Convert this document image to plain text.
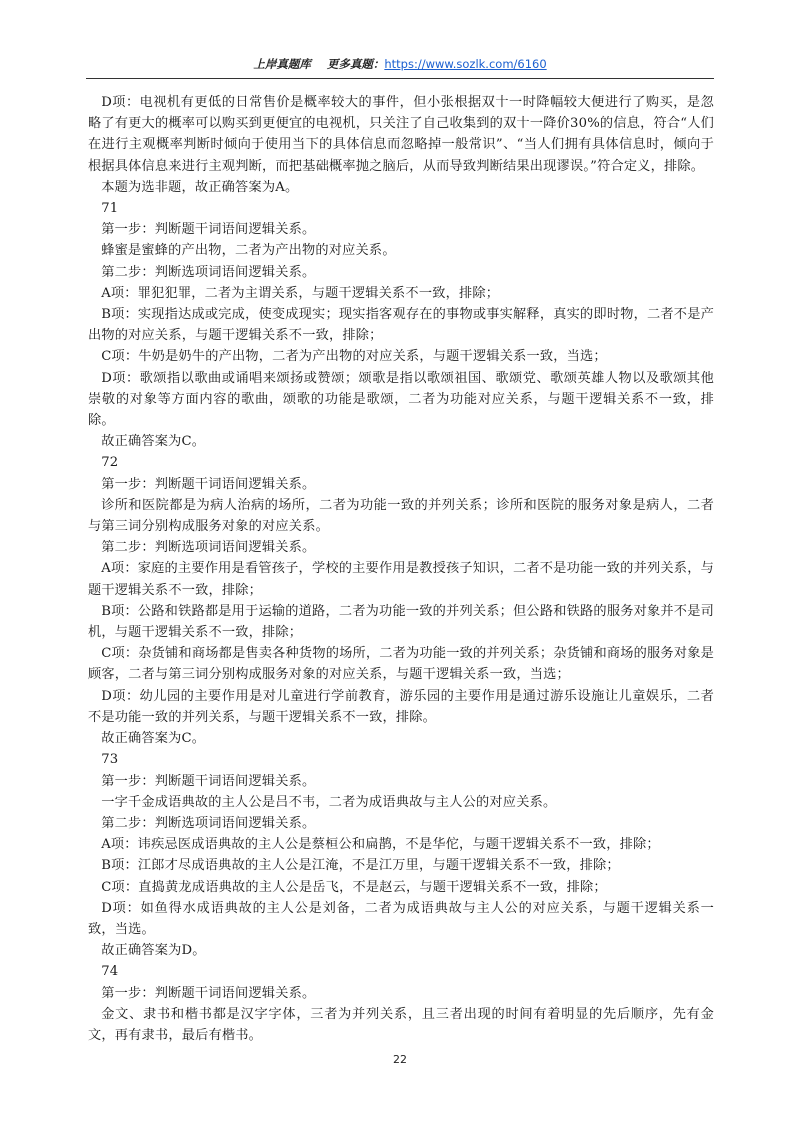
上岸真题库 更多真题：https://www.sozlk.com/6160

D项：电视机有更低的日常售价是概率较大的事件，但小张根据双十一时降幅较大便进行了购买，是忽略了有更大的概率可以购买到更便宜的电视机，只关注了自己收集到的双十一降价30%的信息，符合“人们在进行主观概率判断时倾向于使用当下的具体信息而忽略掉一般常识”、“当人们拥有具体信息时，倾向于根据具体信息来进行主观判断，而把基础概率抛之脑后，从而导致判断结果出现谬误。”符合定义，排除。

本题为选非题，故正确答案为A。

71

第一步：判断题干词语间逻辑关系。

蜂蜜是蜜蜂的产出物，二者为产出物的对应关系。

第二步：判断选项词语间逻辑关系。

A项：罪犯犯罪，二者为主谓关系，与题干逻辑关系不一致，排除；

B项：实现指达成或完成，使变成现实；现实指客观存在的事物或事实解释，真实的即时物，二者不是产出物的对应关系，与题干逻辑关系不一致，排除；

C项：牛奶是奶牛的产出物，二者为产出物的对应关系，与题干逻辑关系一致，当选；

D项：歌颂指以歌曲或诵唱来颂扬或赞颂；颂歌是指以歌颂祖国、歌颂党、歌颂英雄人物以及歌颂其他崇敬的对象等方面内容的歌曲，颂歌的功能是歌颂，二者为功能对应关系，与题干逻辑关系不一致，排除。

故正确答案为C。

72

第一步：判断题干词语间逻辑关系。

诊所和医院都是为病人治病的场所，二者为功能一致的并列关系；诊所和医院的服务对象是病人，二者与第三词分别构成服务对象的对应关系。

第二步：判断选项词语间逻辑关系。

A项：家庭的主要作用是看管孩子，学校的主要作用是教授孩子知识，二者不是功能一致的并列关系，与题干逻辑关系不一致，排除；

B项：公路和铁路都是用于运输的道路，二者为功能一致的并列关系；但公路和铁路的服务对象并不是司机，与题干逻辑关系不一致，排除；

C项：杂货铺和商场都是售卖各种货物的场所，二者为功能一致的并列关系；杂货铺和商场的服务对象是顾客，二者与第三词分别构成服务对象的对应关系，与题干逻辑关系一致，当选；

D项：幼儿园的主要作用是对儿童进行学前教育，游乐园的主要作用是通过游乐设施让儿童娱乐，二者不是功能一致的并列关系，与题干逻辑关系不一致，排除。

故正确答案为C。

73

第一步：判断题干词语间逻辑关系。

一字千金成语典故的主人公是吕不韦，二者为成语典故与主人公的对应关系。

第二步：判断选项词语间逻辑关系。

A项：讳疾忌医成语典故的主人公是蔡桓公和扁鹊，不是华佗，与题干逻辑关系不一致，排除；

B项：江郎才尽成语典故的主人公是江淹，不是江万里，与题干逻辑关系不一致，排除；

C项：直捣黄龙成语典故的主人公是岳飞，不是赵云，与题干逻辑关系不一致，排除；

D项：如鱼得水成语典故的主人公是刘备，二者为成语典故与主人公的对应关系，与题干逻辑关系一致，当选。

故正确答案为D。

74

第一步：判断题干词语间逻辑关系。

金文、隶书和楷书都是汉字字体，三者为并列关系，且三者出现的时间有着明显的先后顺序，先有金文，再有隶书，最后有楷书。

22
